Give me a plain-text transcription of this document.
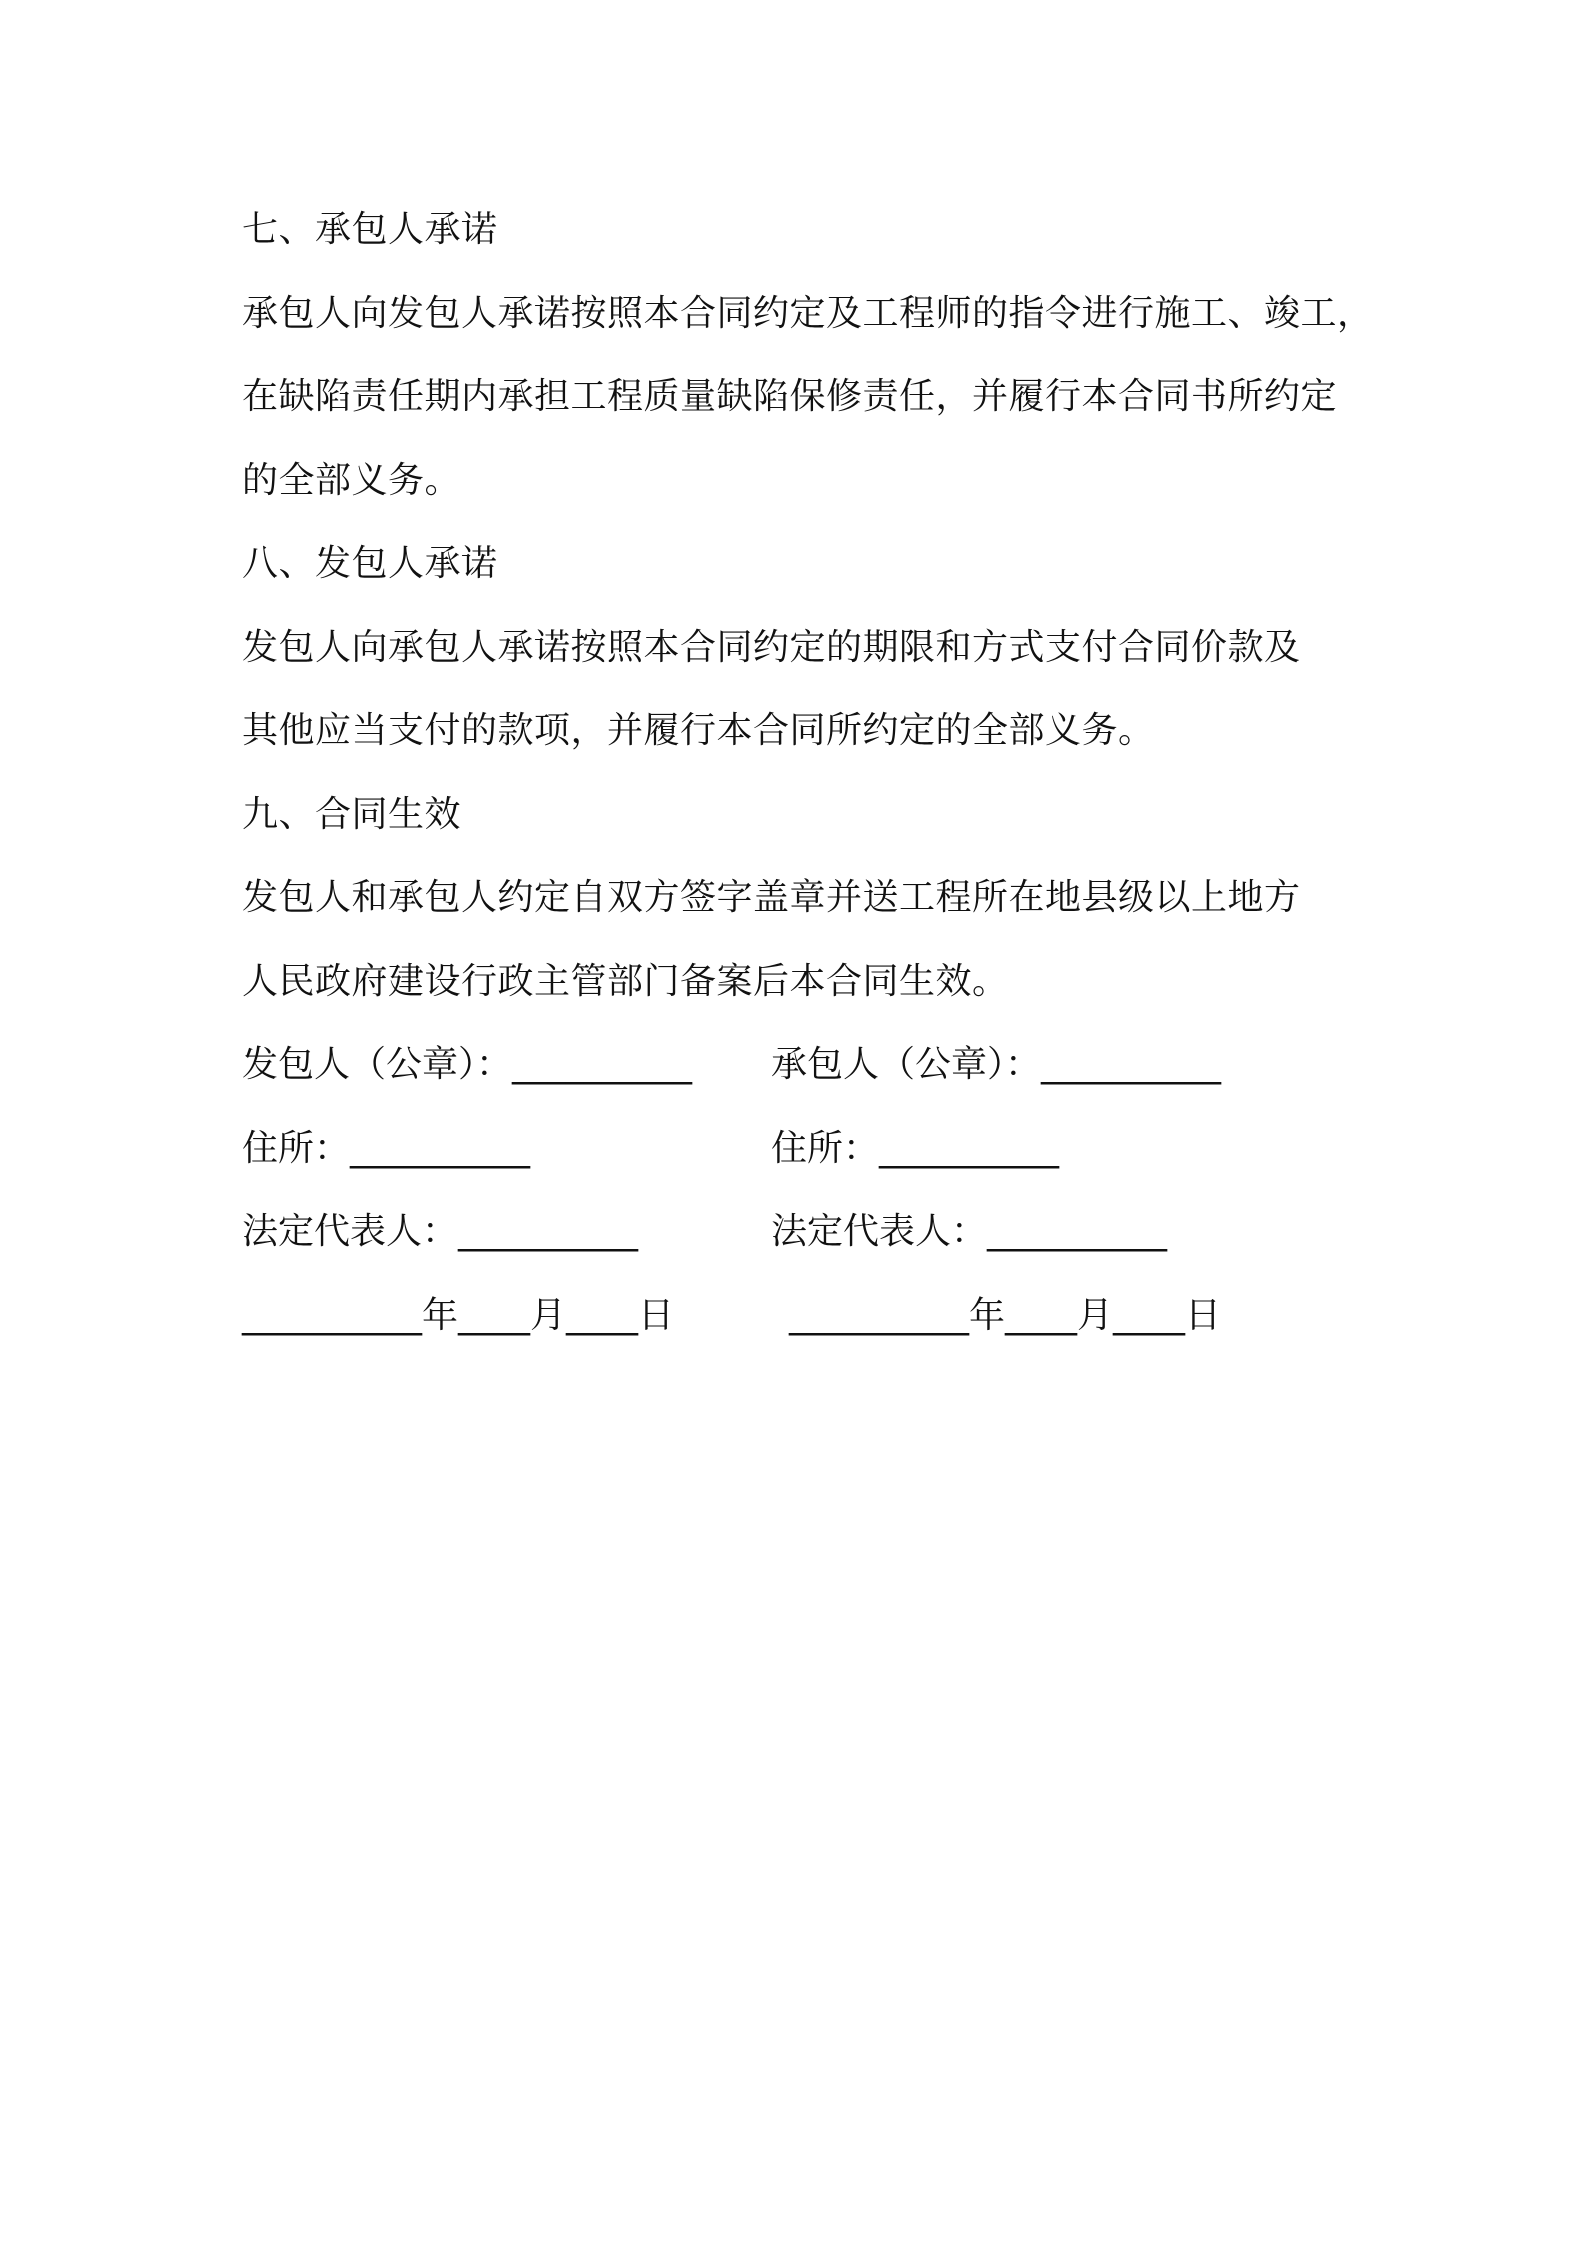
七、承包人承诺
承包人向发包人承诺按照本合同约定及工程师的指令进行施工、竣工，
在缺陷责任期内承担工程质量缺陷保修责任，并履行本合同书所约定
的全部义务。
八、发包人承诺
发包人向承包人承诺按照本合同约定的期限和方式支付合同价款及
其他应当支付的款项，并履行本合同所约定的全部义务。
九、合同生效
发包人和承包人约定自双方签字盖章并送工程所在地县级以上地方
人民政府建设行政主管部门备案后本合同生效。
发包人（公章）：__________ 承包人（公章）：__________
住所：__________	住所：__________
法定代表人：__________	法定代表人：__________
__________年____月____日	__________年____月____日
